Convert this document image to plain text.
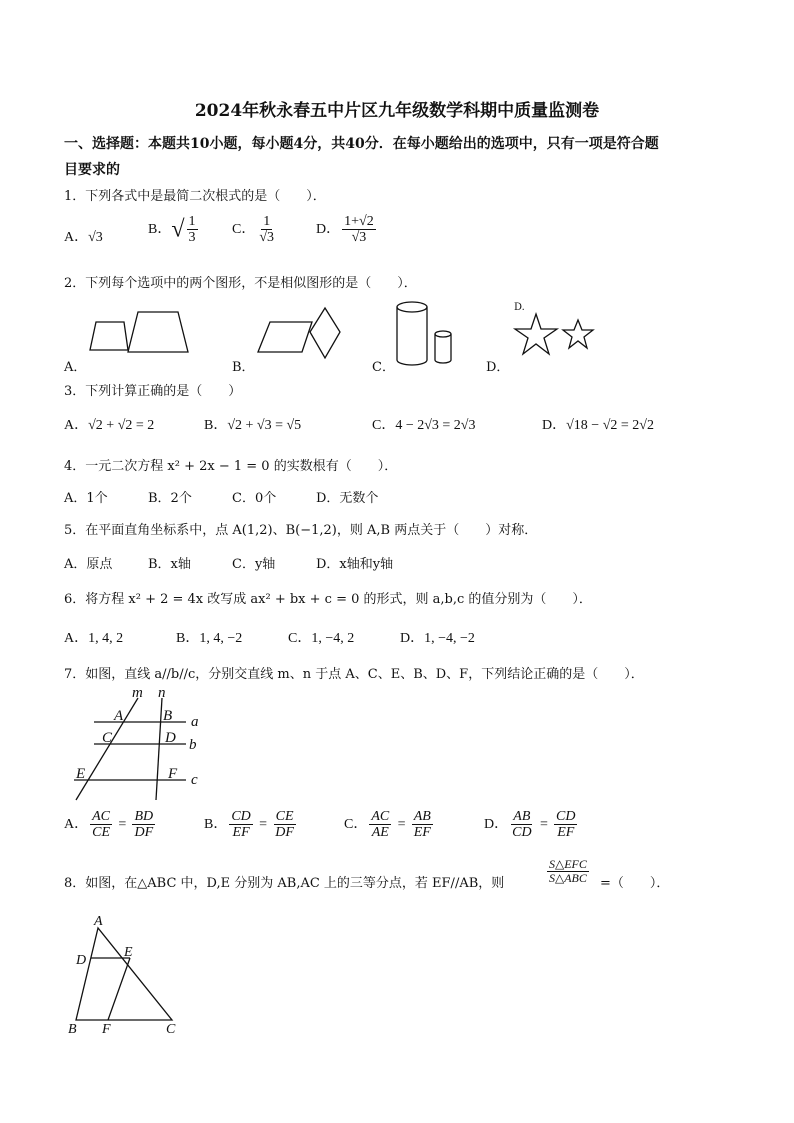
2024年秋永春五中片区九年级数学科期中质量监测卷
一、选择题：本题共10小题，每小题4分，共40分．在每小题给出的选项中，只有一项是符合题
目要求的
1．下列各式中是最简二次根式的是（　　）．
A．√3
B．√ $\frac{1}{3}$ C． $\frac{1}{√3}$	D． $\frac{1+√2}{√3}$
2．下列每个选项中的两个图形，不是相似图形的是（　　）．
A．	B．	C．	D．
D.
3．下列计算正确的是（　　）
A．√2 + √2 = 2	B．√2 + √3 = √5	C．4 − 2√3 = 2√3	D．√18 − √2 = 2√2
4．一元二次方程 x² + 2x − 1 = 0 的实数根有（　　）．
A．1个	B．2个	C．0个	D．无数个
5．在平面直角坐标系中，点 A(1,2)、B(−1,2)，则 A,B 两点关于（　　）对称．
A．原点	B．x轴	C．y轴	D．x轴和y轴
6．将方程 x² + 2 = 4x 改写成 ax² + bx + c = 0 的形式，则 a,b,c 的值分别为（　　）．
A．1, 4, 2	B．1, 4, −2	C．1, −4, 2	D．1, −4, −2
7．如图，直线 a//b//c，分别交直线 m、n 于点 A、C、E、B、D、F，下列结论正确的是（　　）．
m n
A	B
C	D
E	F
a
b
c
A． $\frac{AC}{CE} = \frac{BD}{DF}$	B． $\frac{CD}{EF} = \frac{CE}{DF}$	C． $\frac{AC}{AE} = \frac{AB}{EF}$	D． $\frac{AB}{CD} = \frac{CD}{EF}$
8．如图，在△ABC 中，D,E 分别为 AB,AC 上的三等分点，若 EF//AB，则	$\frac{\text{S△EFC}}{\text{S△ABC}}$ =（　　）．
A
D
E
B F	C
